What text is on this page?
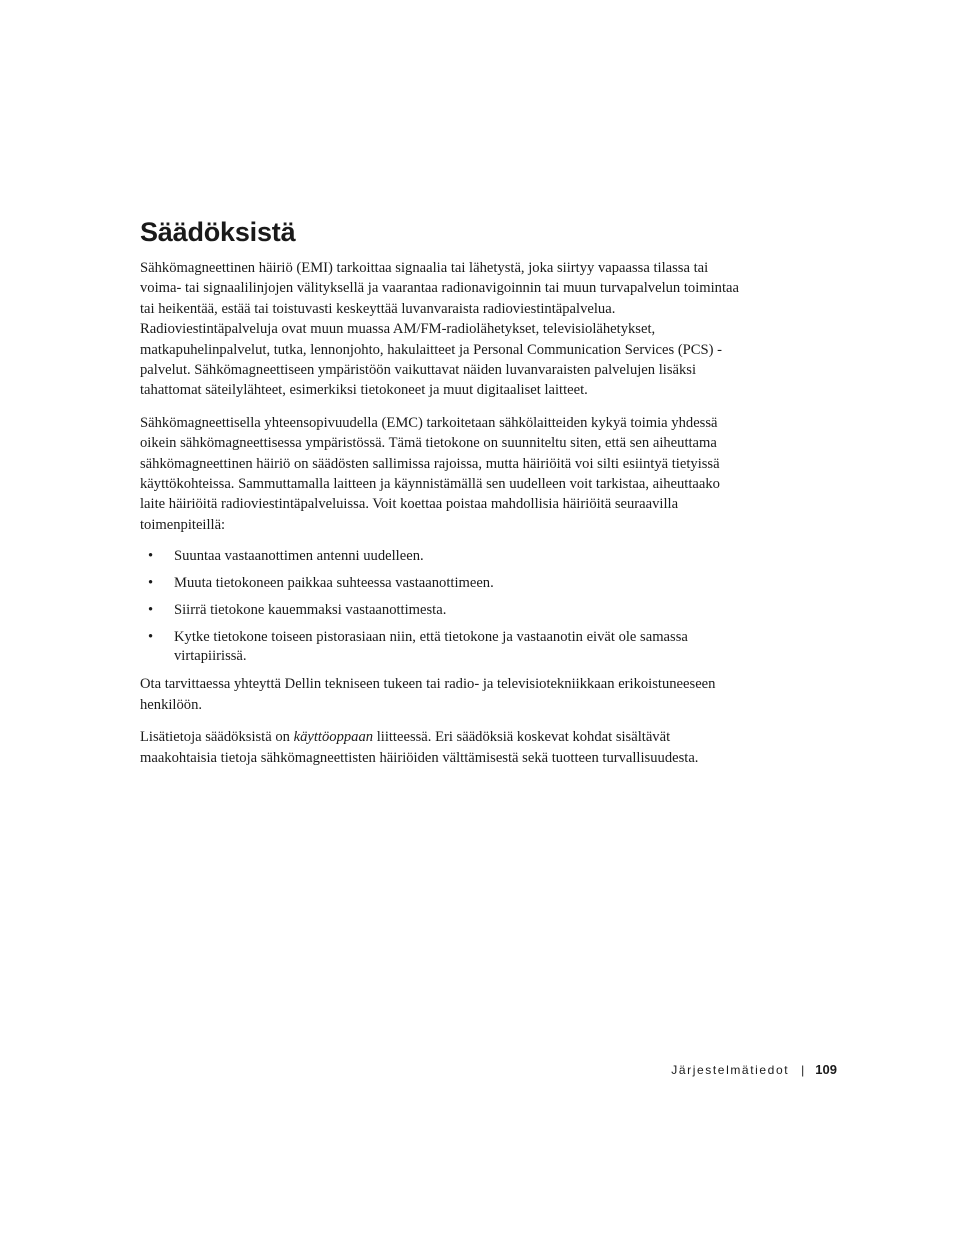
Säädöksistä

Sähkömagneettinen häiriö (EMI) tarkoittaa signaalia tai lähetystä, joka siirtyy vapaassa tilassa tai voima- tai signaalilinjojen välityksellä ja vaarantaa radionavigoinnin tai muun turvapalvelun toimintaa tai heikentää, estää tai toistuvasti keskeyttää luvanvaraista radioviestintäpalvelua. Radioviestintäpalveluja ovat muun muassa AM/FM-radiolähetykset, televisiolähetykset, matkapuhelinpalvelut, tutka, lennonjohto, hakulaitteet ja Personal Communication Services (PCS) -palvelut. Sähkömagneettiseen ympäristöön vaikuttavat näiden luvanvaraisten palvelujen lisäksi tahattomat säteilylähteet, esimerkiksi tietokoneet ja muut digitaaliset laitteet.

Sähkömagneettisella yhteensopivuudella (EMC) tarkoitetaan sähkölaitteiden kykyä toimia yhdessä oikein sähkömagneettisessa ympäristössä. Tämä tietokone on suunniteltu siten, että sen aiheuttama sähkömagneettinen häiriö on säädösten sallimissa rajoissa, mutta häiriöitä voi silti esiintyä tietyissä käyttökohteissa. Sammuttamalla laitteen ja käynnistämällä sen uudelleen voit tarkistaa, aiheuttaako laite häiriöitä radioviestintäpalveluissa. Voit koettaa poistaa mahdollisia häiriöitä seuraavilla toimenpiteillä:

• Suuntaa vastaanottimen antenni uudelleen.
• Muuta tietokoneen paikkaa suhteessa vastaanottimeen.
• Siirrä tietokone kauemmaksi vastaanottimesta.
• Kytke tietokone toiseen pistorasiaan niin, että tietokone ja vastaanotin eivät ole samassa virtapiirissä.

Ota tarvittaessa yhteyttä Dellin tekniseen tukeen tai radio- ja televisiotekniikkaan erikoistuneeseen henkilöön.

Lisätietoja säädöksistä on käyttöoppaan liitteessä. Eri säädöksiä koskevat kohdat sisältävät maakohtaisia tietoja sähkömagneettisten häiriöiden välttämisestä sekä tuotteen turvallisuudesta.

Järjestelmätiedot | 109
